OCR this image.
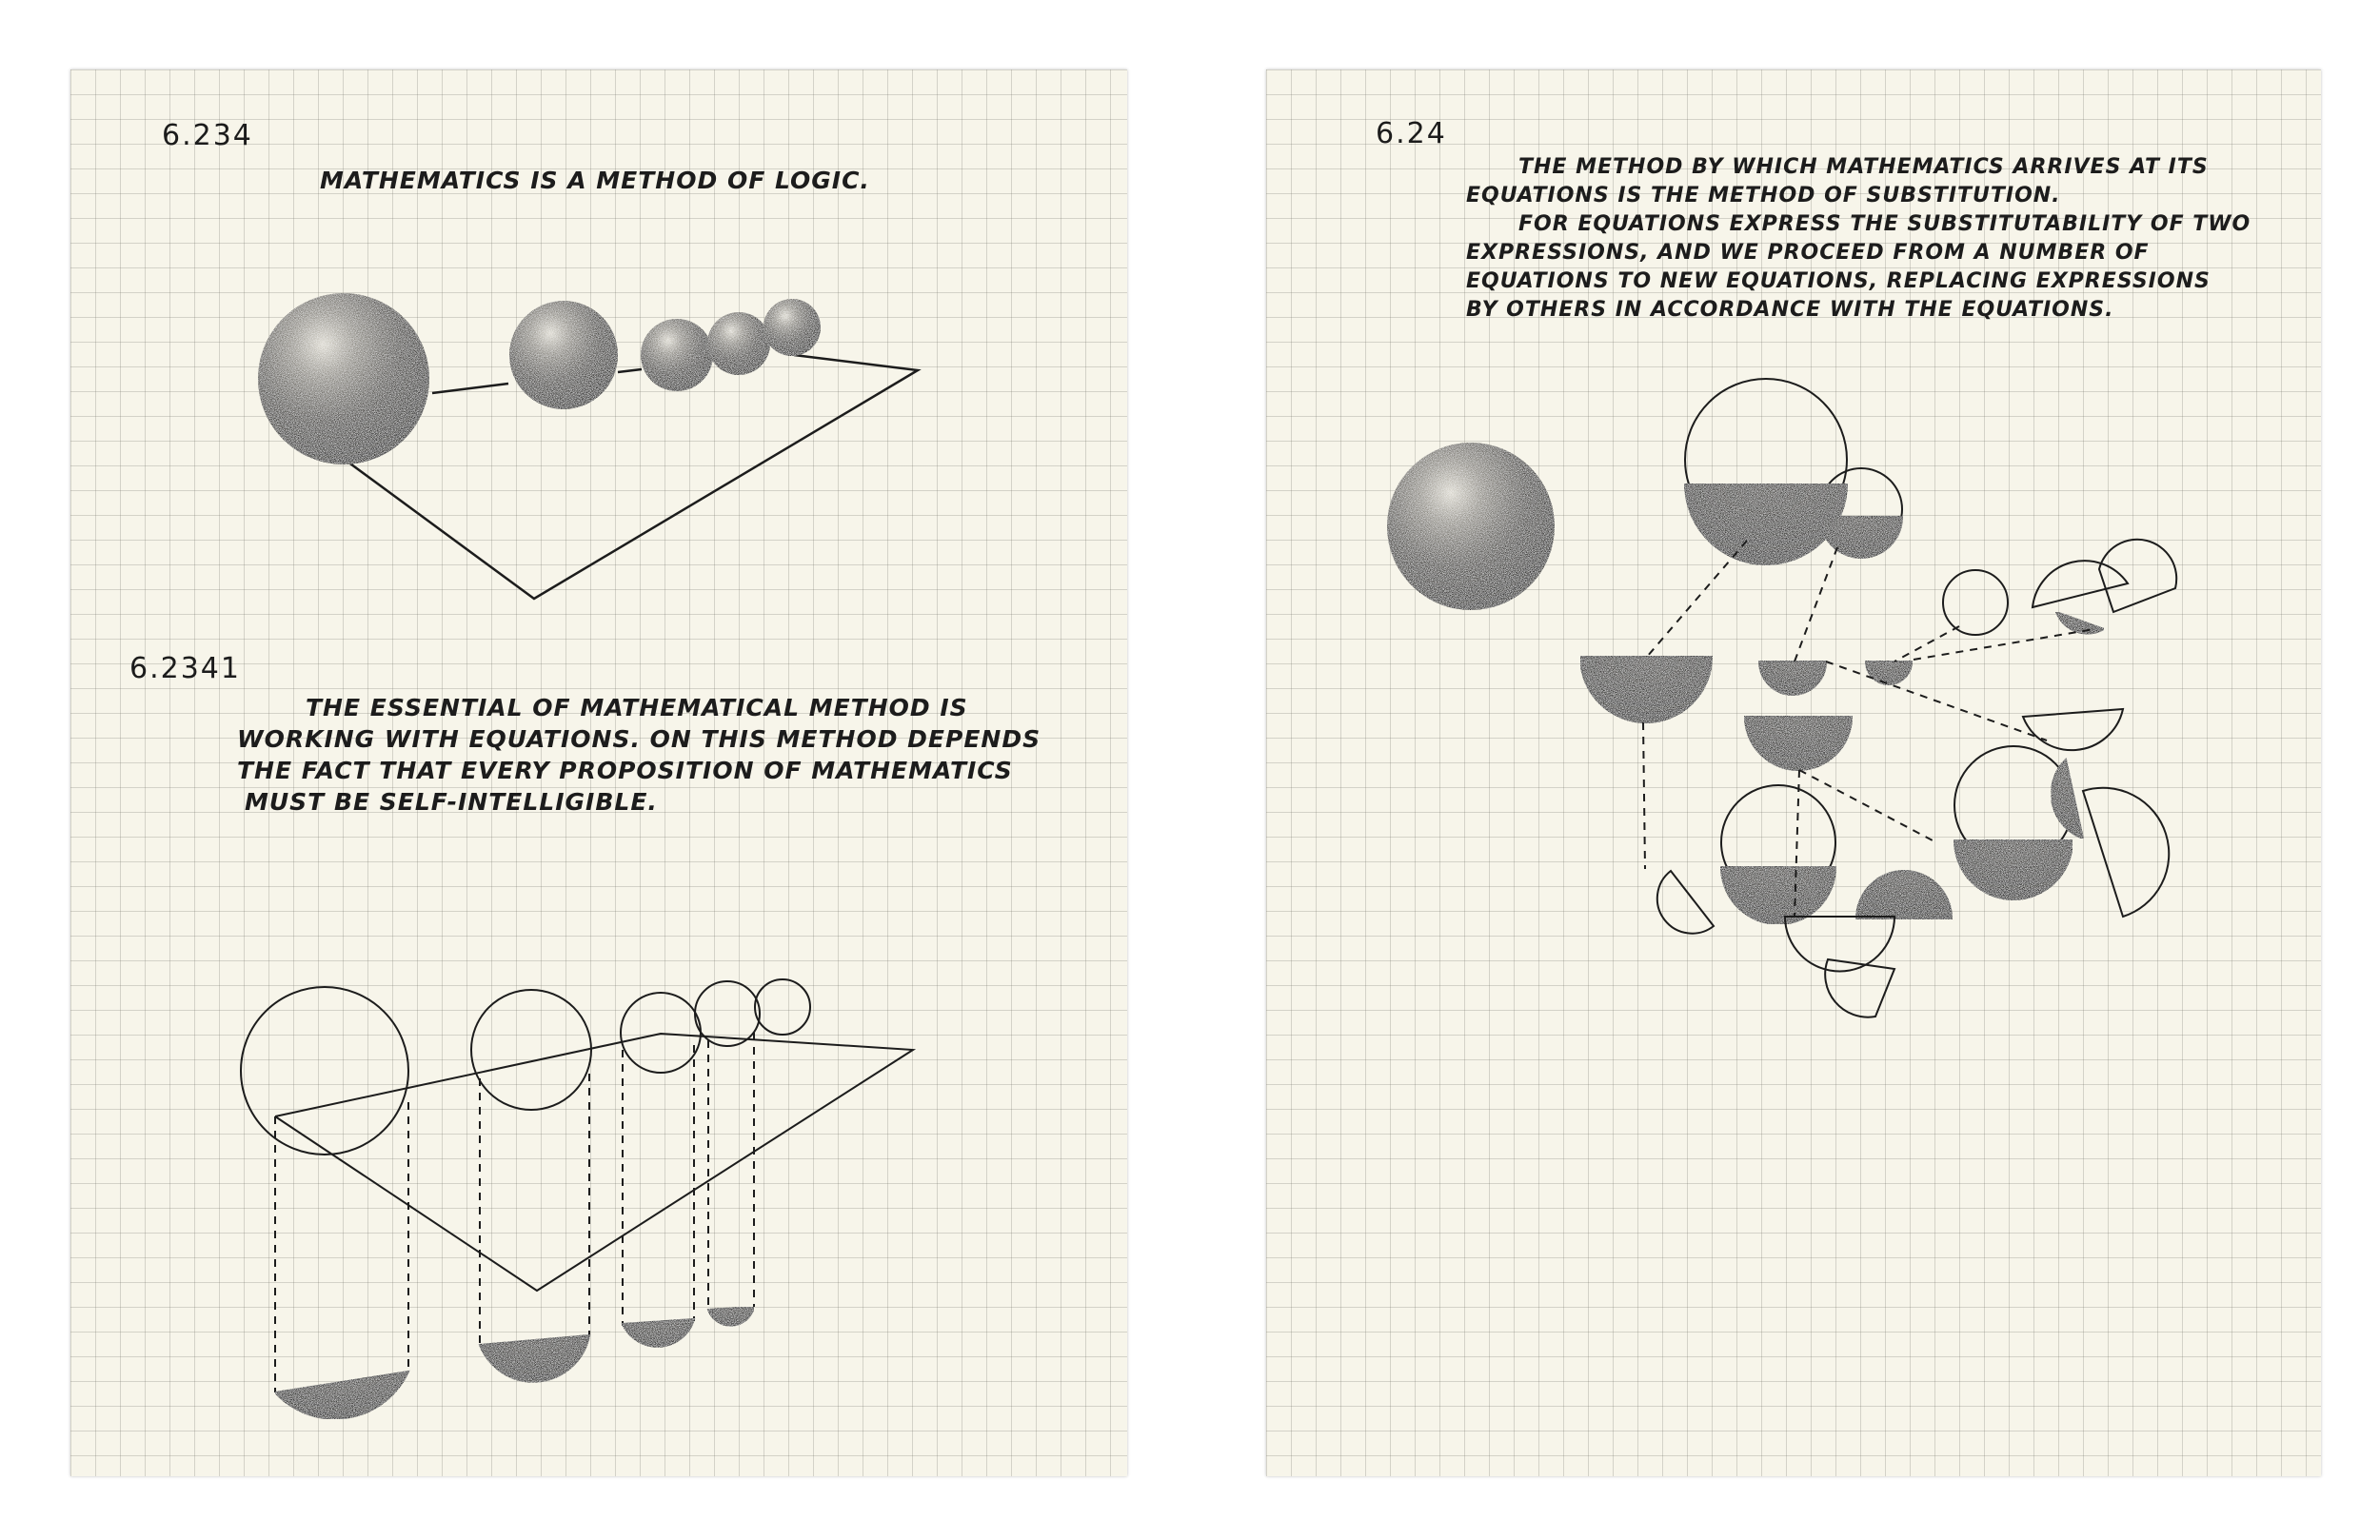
6.234

MATHEMATICS IS A METHOD OF LOGIC.

6.2341

THE ESSENTIAL OF MATHEMATICAL METHOD IS

WORKING WITH EQUATIONS. ON THIS METHOD DEPENDS

THE FACT THAT EVERY PROPOSITION OF MATHEMATICS

MUST BE SELF-INTELLIGIBLE.

6.24

THE METHOD BY WHICH MATHEMATICS ARRIVES AT ITS

EQUATIONS IS THE METHOD OF SUBSTITUTION.

FOR EQUATIONS EXPRESS THE SUBSTITUTABILITY OF TWO

EXPRESSIONS, AND WE PROCEED FROM A NUMBER OF

EQUATIONS TO NEW EQUATIONS, REPLACING EXPRESSIONS

BY OTHERS IN ACCORDANCE WITH THE EQUATIONS.
